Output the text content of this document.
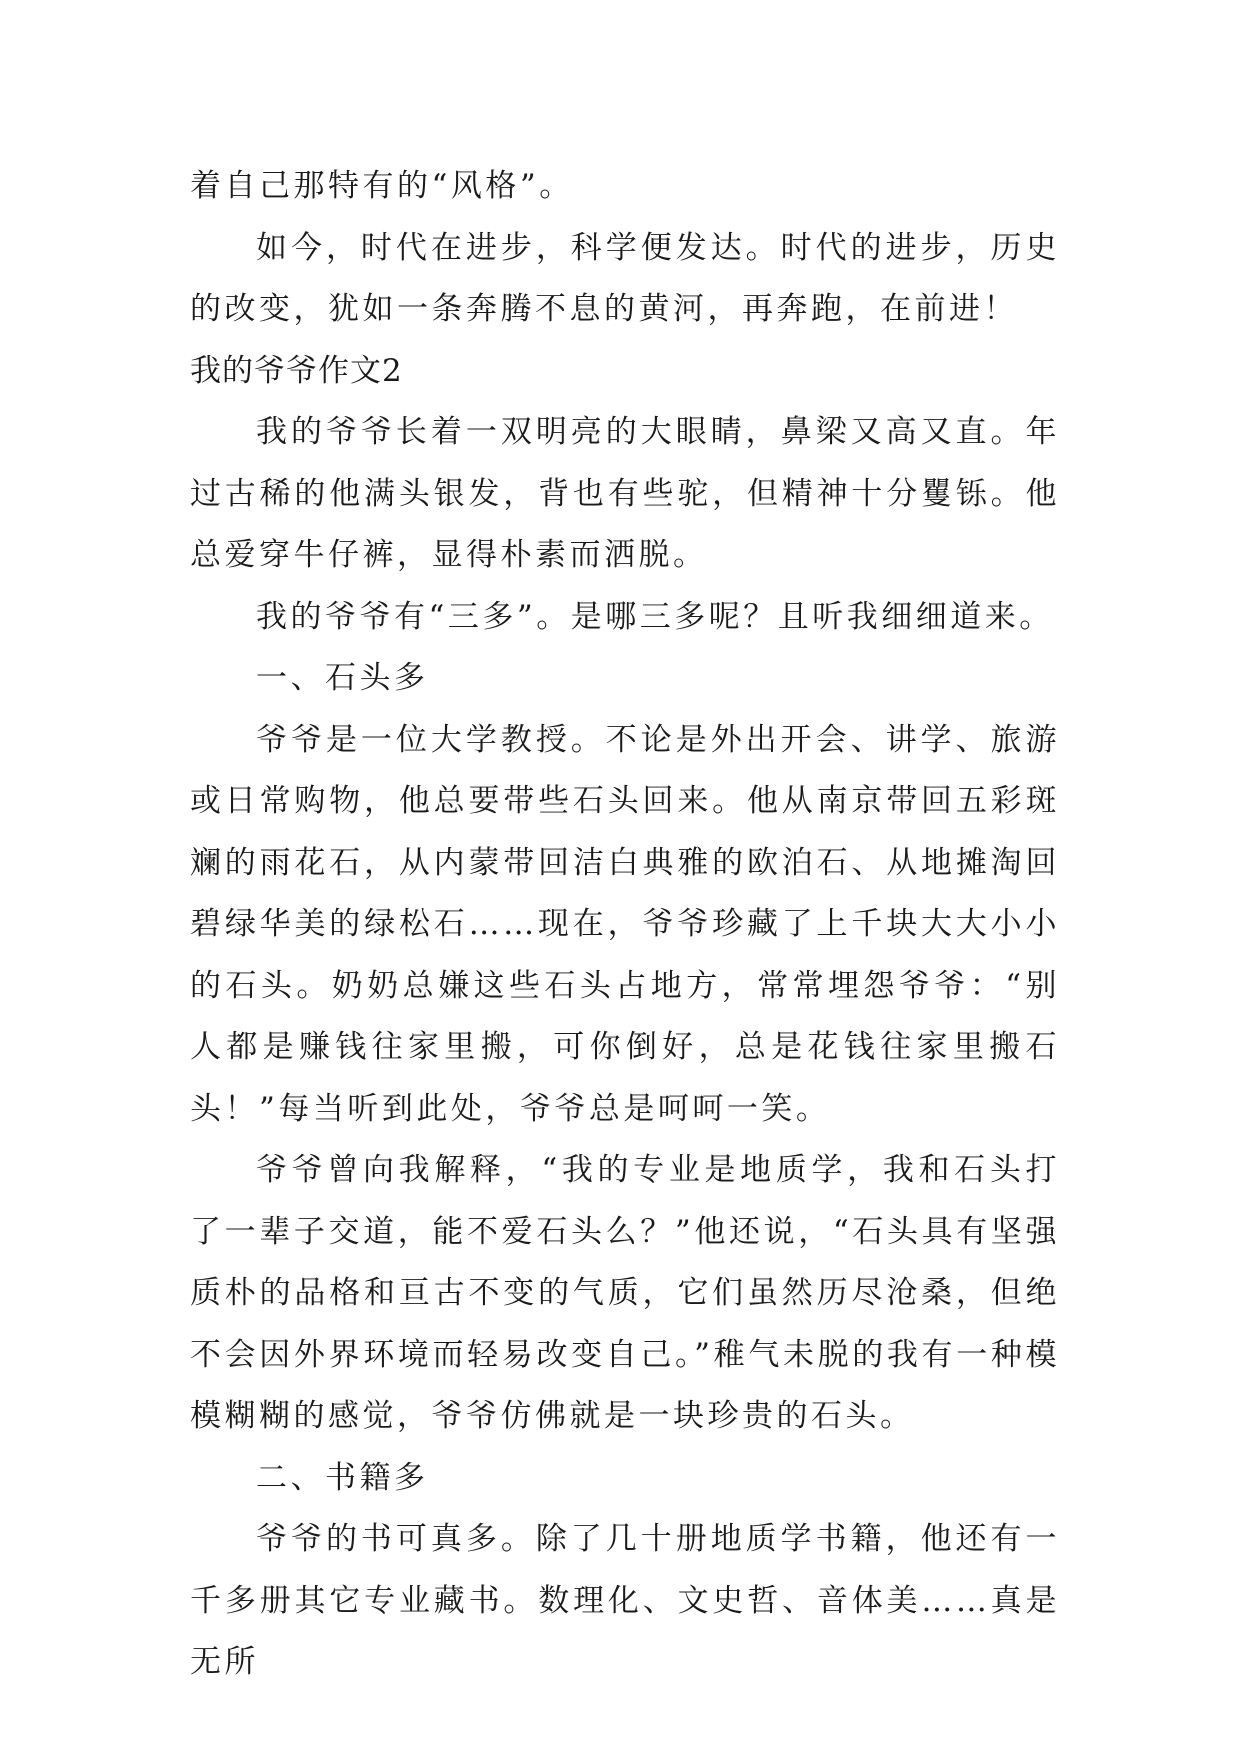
着自己那特有的“风格”。

如今，时代在进步，科学便发达。时代的进步，历史的改变，犹如一条奔腾不息的黄河，再奔跑，在前进！

我的爷爷作文2

我的爷爷长着一双明亮的大眼睛，鼻梁又高又直。年过古稀的他满头银发，背也有些驼，但精神十分矍铄。他总爱穿牛仔裤，显得朴素而洒脱。

我的爷爷有“三多”。是哪三多呢？且听我细细道来。

一、石头多

爷爷是一位大学教授。不论是外出开会、讲学、旅游或日常购物，他总要带些石头回来。他从南京带回五彩斑斓的雨花石，从内蒙带回洁白典雅的欧泊石、从地摊淘回碧绿华美的绿松石……现在，爷爷珍藏了上千块大大小小的石头。奶奶总嫌这些石头占地方，常常埋怨爷爷：“别人都是赚钱往家里搬，可你倒好，总是花钱往家里搬石头！”每当听到此处，爷爷总是呵呵一笑。

爷爷曾向我解释，“我的专业是地质学，我和石头打了一辈子交道，能不爱石头么？”他还说，“石头具有坚强质朴的品格和亘古不变的气质，它们虽然历尽沧桑，但绝不会因外界环境而轻易改变自己。”稚气未脱的我有一种模模糊糊的感觉，爷爷仿佛就是一块珍贵的石头。

二、书籍多

爷爷的书可真多。除了几十册地质学书籍，他还有一千多册其它专业藏书。数理化、文史哲、音体美……真是无所
